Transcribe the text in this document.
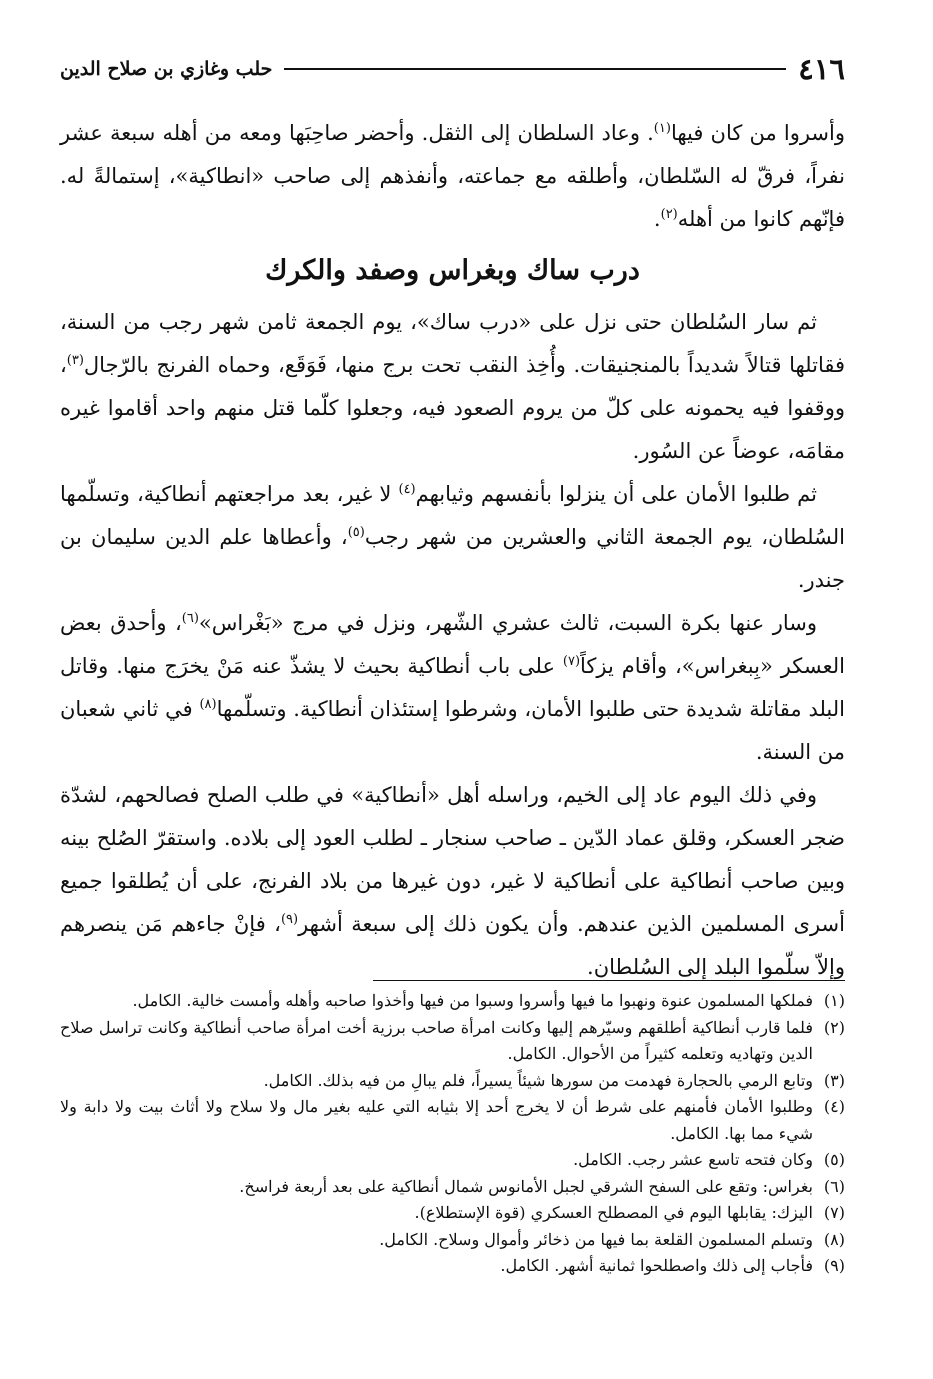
٤١٦
حلب وغازي بن صلاح الدين

وأسروا من كان فيها$^{(١)}$. وعاد السلطان إلى الثقل. وأحضر صاحِبَها ومعه من أهله سبعة عشر نفراً، فرقّ له السّلطان، وأطلقه مع جماعته، وأنفذهم إلى صاحب «انطاكية»، إستمالةً له. فإنّهم كانوا من أهله$^{(٢)}$.

درب ساك وبغراس وصفد والكرك

ثم سار السُلطان حتى نزل على «درب ساك»، يوم الجمعة ثامن شهر رجب من السنة، فقاتلها قتالاً شديداً بالمنجنيقات. وأُخِذ النقب تحت برج منها، فَوَقَع، وحماه الفرنج بالرّجال$^{(٣)}$، ووقفوا فيه يحمونه على كلّ من يروم الصعود فيه، وجعلوا كلّما قتل منهم واحد أقاموا غيره مقامَه، عوضاً عن السُور.

ثم طلبوا الأمان على أن ينزلوا بأنفسهم وثيابهم$^{(٤)}$ لا غير، بعد مراجعتهم أنطاكية، وتسلّمها السُلطان، يوم الجمعة الثاني والعشرين من شهر رجب$^{(٥)}$، وأعطاها علم الدين سليمان بن جندر.

وسار عنها بكرة السبت، ثالث عشري الشّهر، ونزل في مرج «بَغْراس»$^{(٦)}$، وأحدق بعض العسكر «بِبغراس»، وأقام يزكاً$^{(٧)}$ على باب أنطاكية بحيث لا يشذّ عنه مَنْ يخرَج منها. وقاتل البلد مقاتلة شديدة حتى طلبوا الأمان، وشرطوا إستئذان أنطاكية. وتسلّمها$^{(٨)}$ في ثاني شعبان من السنة.

وفي ذلك اليوم عاد إلى الخيم، وراسله أهل «أنطاكية» في طلب الصلح فصالحهم، لشدّة ضجر العسكر، وقلق عماد الدّين ـ صاحب سنجار ـ لطلب العود إلى بلاده. واستقرّ الصُلح بينه وبين صاحب أنطاكية على أنطاكية لا غير، دون غيرها من بلاد الفرنج، على أن يُطلقوا جميع أسرى المسلمين الذين عندهم. وأن يكون ذلك إلى سبعة أشهر$^{(٩)}$، فإنْ جاءهم مَن ينصرهم وإلاّ سلّموا البلد إلى السُلطان.

(١)
فملكها المسلمون عنوة ونهبوا ما فيها وأسروا وسبوا من فيها وأخذوا صاحبه وأهله وأمست خالية. الكامل.
(٢)
فلما قارب أنطاكية أطلقهم وسيّرهم إليها وكانت امرأة صاحب برزية أخت امرأة صاحب أنطاكية وكانت تراسل صلاح الدين وتهاديه وتعلمه كثيراً من الأحوال. الكامل.
(٣)
وتابع الرمي بالحجارة فهدمت من سورها شيئاً يسيراً، فلم يبالِ من فيه بذلك. الكامل.
(٤)
وطلبوا الأمان فأمنهم على شرط أن لا يخرج أحد إلا بثيابه التي عليه بغير مال ولا سلاح ولا أثاث بيت ولا دابة ولا شيء مما بها. الكامل.
(٥)
وكان فتحه تاسع عشر رجب. الكامل.
(٦)
بغراس: وتقع على السفح الشرقي لجبل الأمانوس شمال أنطاكية على بعد أربعة فراسخ.
(٧)
اليزك: يقابلها اليوم في المصطلح العسكري (قوة الإستطلاع).
(٨)
وتسلم المسلمون القلعة بما فيها من ذخائر وأموال وسلاح. الكامل.
(٩)
فأجاب إلى ذلك واصطلحوا ثمانية أشهر. الكامل.
